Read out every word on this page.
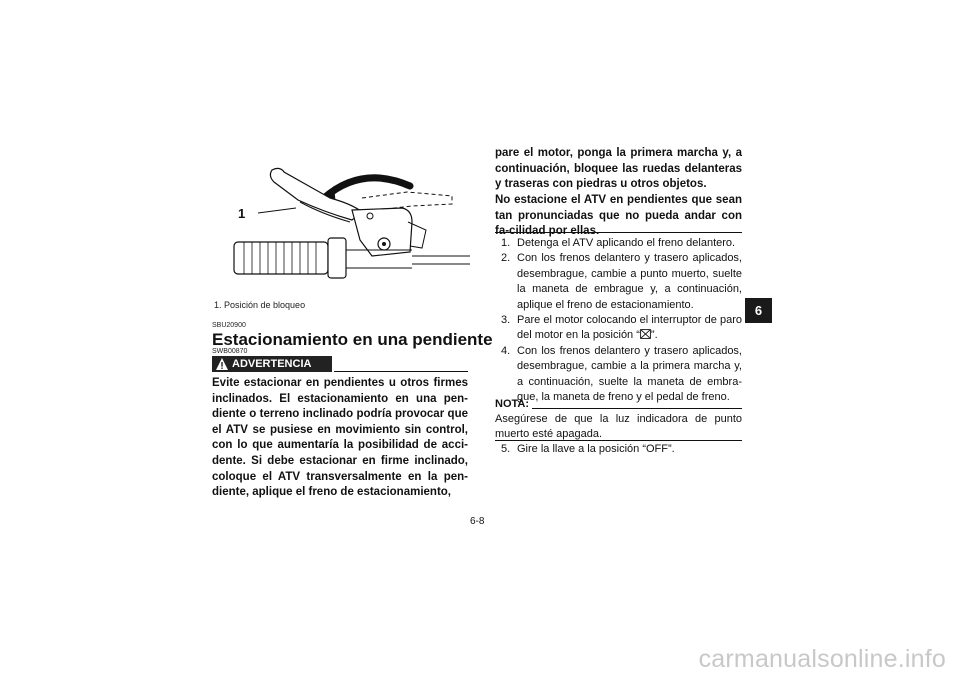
1
1. Posición de bloqueo
SBU20900
Estacionamiento en una pendiente
SWB00870
ADVERTENCIA
Evite estacionar en pendientes u otros firmes inclinados. El estacionamiento en una pen-diente o terreno inclinado podría provocar que el ATV se pusiese en movimiento sin control, con lo que aumentaría la posibilidad de acci-dente. Si debe estacionar en firme inclinado, coloque el ATV transversalmente en la pen-diente, aplique el freno de estacionamiento,
pare el motor, ponga la primera marcha y, a continuación, bloquee las ruedas delanteras y traseras con piedras u otros objetos.
No estacione el ATV en pendientes que sean tan pronunciadas que no pueda andar con fa-cilidad por ellas.
1. Detenga el ATV aplicando el freno delantero.
2. Con los frenos delantero y trasero aplicados, desembrague, cambie a punto muerto, suelte la maneta de embrague y, a continuación, aplique el freno de estacionamiento.
3. Pare el motor colocando el interruptor de paro del motor en la posición “ ”.
4. Con los frenos delantero y trasero aplicados, desembrague, cambie a la primera marcha y, a continuación, suelte la maneta de embra-gue, la maneta de freno y el pedal de freno.
NOTA:
Asegúrese de que la luz indicadora de punto muerto esté apagada.
5. Gire la llave a la posición “OFF”.
6-8
6
carmanualsonline.info
